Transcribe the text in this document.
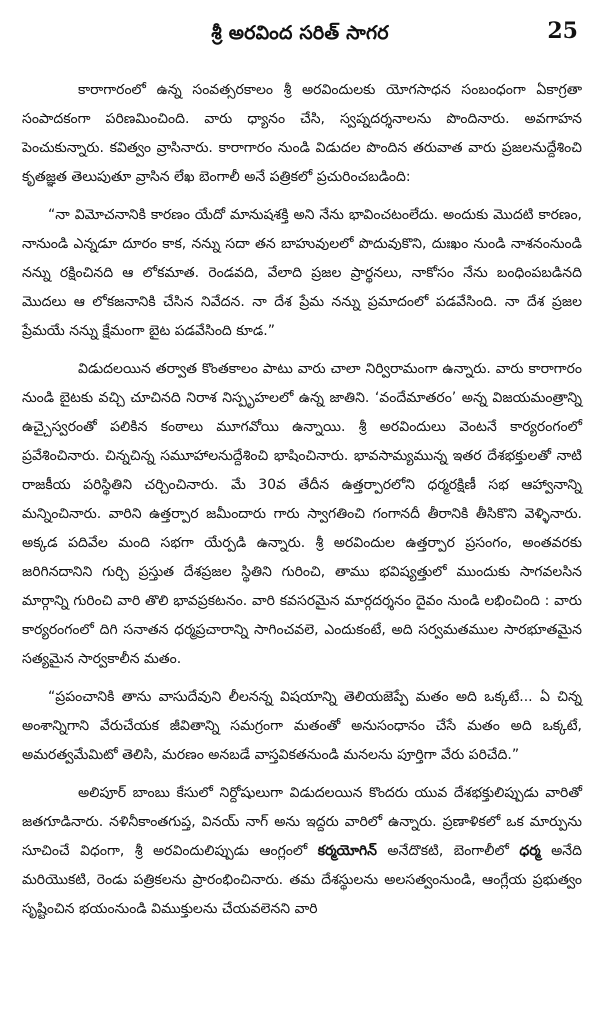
శ్రీ అరవింద సరిత్ సాగర	25

కారాగారంలో ఉన్న సంవత్సరకాలం శ్రీ అరవిందులకు యోగసాధన సంబంధంగా ఏకాగ్రతా సంపాదకంగా పరిణమించింది. వారు ధ్యానం చేసి, స్వప్నదర్శనాలను పొందినారు. అవగాహన పెంచుకున్నారు. కవిత్వం వ్రాసినారు. కారాగారం నుండి విడుదల పొందిన తరువాత వారు ప్రజలనుద్దేశించి కృతజ్ఞత తెలుపుతూ వ్రాసిన లేఖ బెంగాలీ అనే పత్రికలో ప్రచురించబడింది:

“నా విమోచనానికి కారణం యేదో మానుషశక్తి అని నేను భావించటంలేదు. అందుకు మొదటి కారణం, నానుండి ఎన్నడూ దూరం కాక, నన్ను సదా తన బాహువులలో పొదువుకొని, దుఃఖం నుండి నాశనంనుండి నన్ను రక్షించినది ఆ లోకమాత. రెండవది, వేలాది ప్రజల ప్రార్థనలు, నాకోసం నేను బంధింపబడినది మొదలు ఆ లోకజనానికి చేసిన నివేదన. నా దేశ ప్రేమ నన్ను ప్రమాదంలో పడవేసింది. నా దేశ ప్రజల ప్రేమయే నన్ను క్షేమంగా బైట పడవేసింది కూడ.”

విడుదలయిన తర్వాత కొంతకాలం పాటు వారు చాలా నిర్విరామంగా ఉన్నారు. వారు కారాగారం నుండి బైటకు వచ్చి చూచినది నిరాశ నిస్పృహలలో ఉన్న జాతిని. ‘వందేమాతరం’ అన్న విజయమంత్రాన్ని ఉచ్చైస్వరంతో పలికిన కంఠాలు మూగవోయి ఉన్నాయి. శ్రీ అరవిందులు వెంటనే కార్యరంగంలో ప్రవేశించినారు. చిన్నచిన్న సమూహాలనుద్దేశించి భాషించినారు. భావసామ్యమున్న ఇతర దేశభక్తులతో నాటి రాజకీయ పరిస్థితిని చర్చించినారు. మే 30వ తేదీన ఉత్తర్పారలోని ధర్మరక్షిణీ సభ ఆహ్వానాన్ని మన్నించినారు. వారిని ఉత్తర్పార జమీందారు గారు స్వాగతించి గంగానదీ తీరానికి తీసికొని వెళ్ళినారు. అక్కడ పదివేల మంది సభగా యేర్పడి ఉన్నారు. శ్రీ అరవిందుల ఉత్తర్పార ప్రసంగం, అంతవరకు జరిగినదానిని గుర్చి ప్రస్తుత దేశప్రజల స్థితిని గురించి, తాము భవిష్యత్తులో ముందుకు సాగవలసిన మార్గాన్ని గురించి వారి తొలి భావప్రకటనం. వారి కవసరమైన మార్గదర్శనం దైవం నుండి లభించింది : వారు కార్యరంగంలో దిగి సనాతన ధర్మప్రచారాన్ని సాగించవలె, ఎందుకంటే, అది సర్వమతముల సారభూతమైన సత్యమైన సార్వకాలీన మతం.

“ప్రపంచానికి తాను వాసుదేవుని లీలనన్న విషయాన్ని తెలియజెప్పే మతం అది ఒక్కటే... ఏ చిన్న అంశాన్నిగాని వేరుచేయక జీవితాన్ని సమగ్రంగా మతంతో అనుసంధానం చేసే మతం అది ఒక్కటే, అమరత్వమేమిటో తెలిసి, మరణం అనబడే వాస్తవికతనుండి మనలను పూర్తిగా వేరు పరిచేది.”

అలిపూర్ బాంబు కేసులో నిర్దోషులుగా విడుదలయిన కొందరు యువ దేశభక్తులిప్పుడు వారితో జతగూడినారు. నళినీకాంతగుప్త, వినయ్ నాగ్ అను ఇద్దరు వారిలో ఉన్నారు. ప్రణాళికలో ఒక మార్పును సూచించే విధంగా, శ్రీ అరవిందులిప్పుడు ఆంగ్లంలో కర్మయోగిన్ అనేదొకటి, బెంగాలీలో ధర్మ అనేది మరియొకటి, రెండు పత్రికలను ప్రారంభించినారు. తమ దేశస్థులను అలసత్వంనుండి, ఆంగ్లేయ ప్రభుత్వం సృష్టించిన భయంనుండి విముక్తులను చేయవలెనని వారి
